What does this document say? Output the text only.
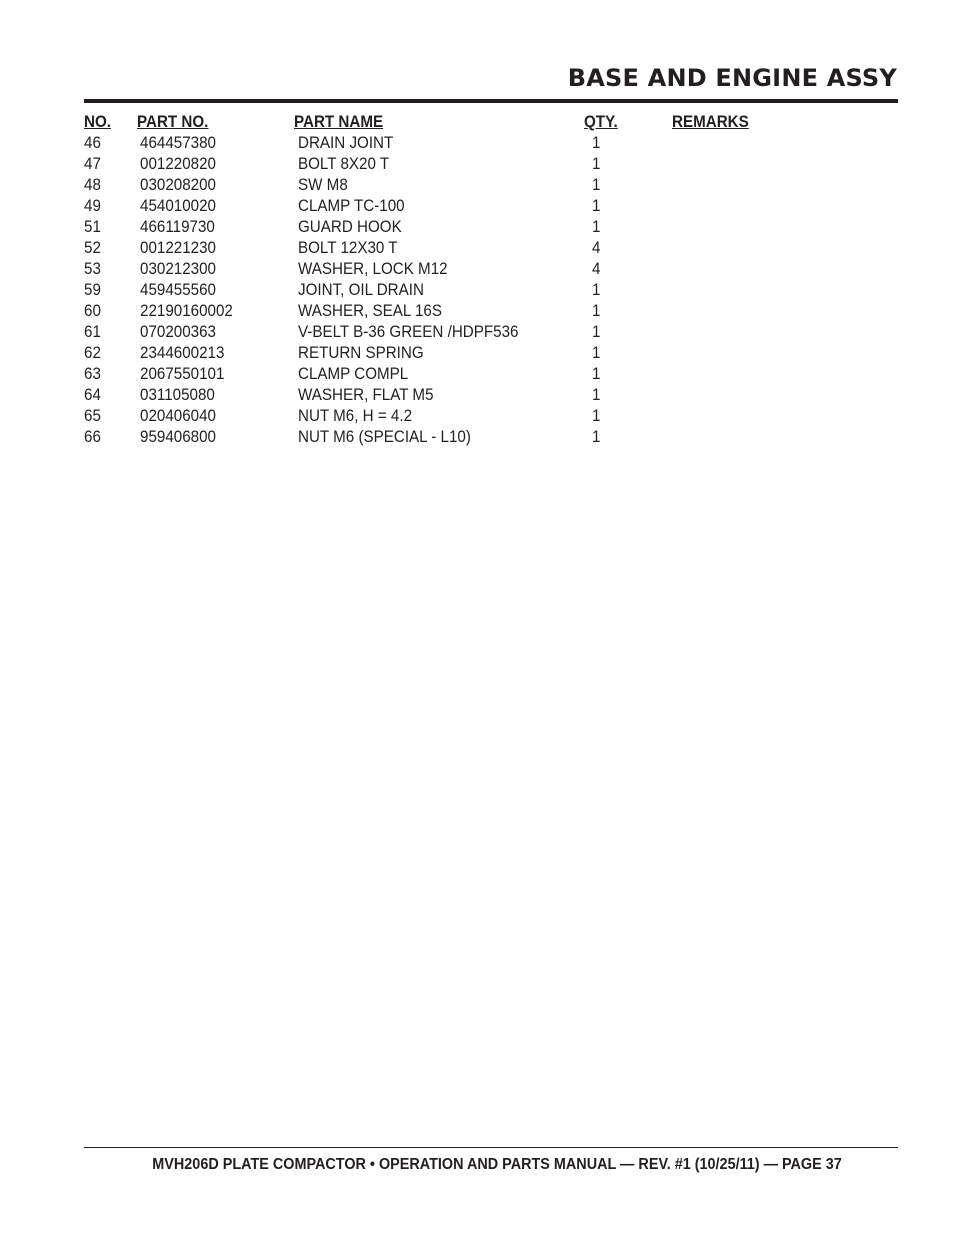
BASE AND ENGINE ASSY
NO. PART NO.	PART NAME	QTY.	REMARKS
46 464457380	DRAIN JOINT	1
47 001220820	BOLT 8X20 T	1
48 030208200	SW M8	1
49 454010020	CLAMP TC-100	1
51 466119730	GUARD HOOK	1
52 001221230	BOLT 12X30 T	4
53 030212300	WASHER, LOCK M12	4
59 459455560	JOINT, OIL DRAIN	1
60 22190160002	WASHER, SEAL 16S	1
61 070200363	V-BELT B-36 GREEN /HDPF536	1
62 2344600213	RETURN SPRING	1
63 2067550101	CLAMP COMPL	1
64 031105080	WASHER, FLAT M5	1
65 020406040	NUT M6, H = 4.2	1
66 959406800	NUT M6 (SPECIAL - L10)	1
MVH206D PLATE COMPACTOR • OPERATION AND PARTS MANUAL — REV. #1 (10/25/11) — PAGE 37
